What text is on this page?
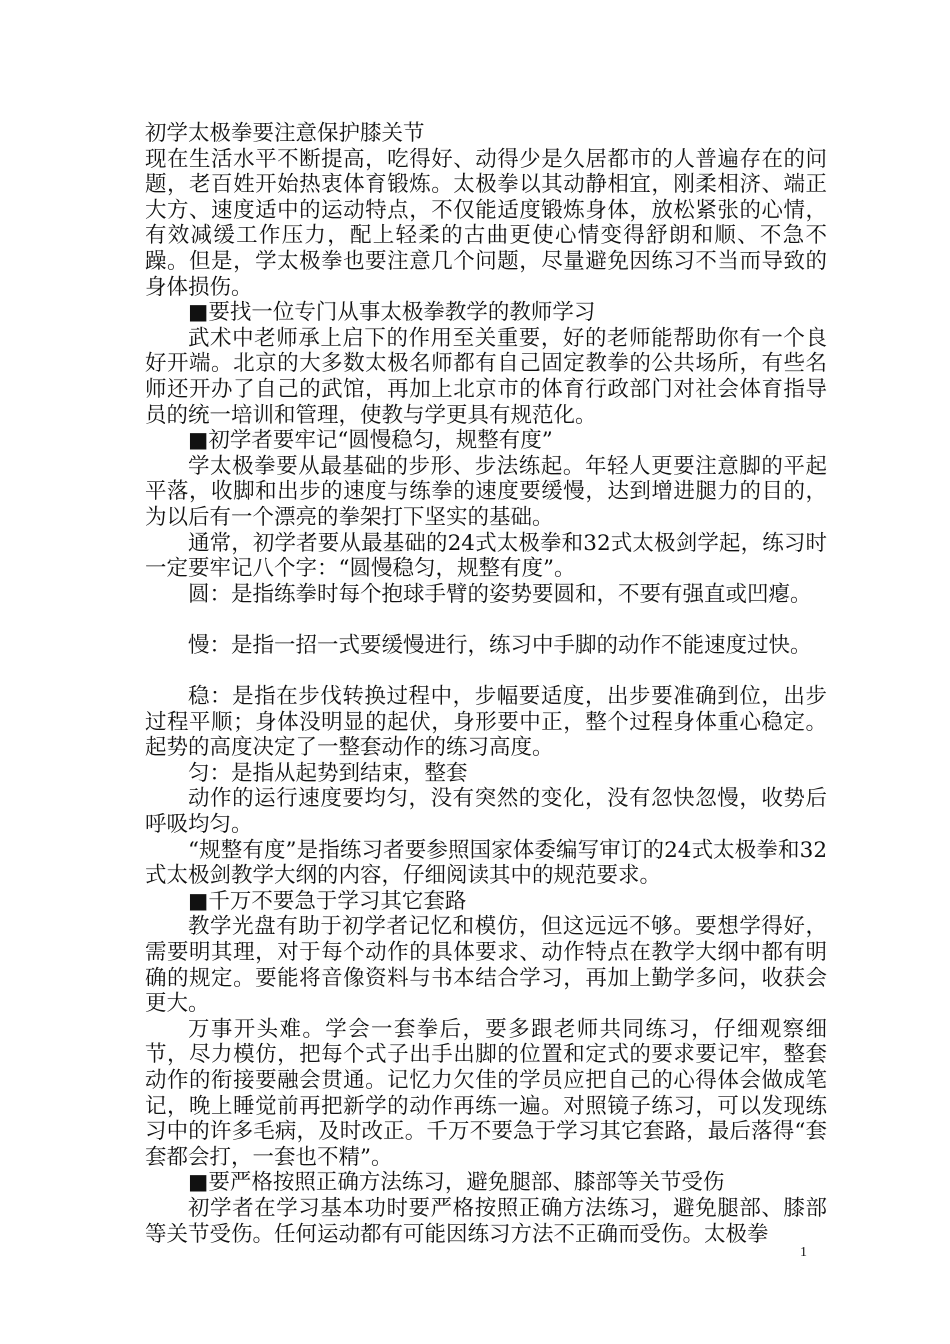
初学太极拳要注意保护膝关节

现在生活水平不断提高，吃得好、动得少是久居都市的人普遍存在的问题，老百姓开始热衷体育锻炼。太极拳以其动静相宜，刚柔相济、端正大方、速度适中的运动特点，不仅能适度锻炼身体，放松紧张的心情，有效减缓工作压力，配上轻柔的古曲更使心情变得舒朗和顺、不急不躁。但是，学太极拳也要注意几个问题，尽量避免因练习不当而导致的身体损伤。

■要找一位专门从事太极拳教学的教师学习

武术中老师承上启下的作用至关重要，好的老师能帮助你有一个良好开端。北京的大多数太极名师都有自己固定教拳的公共场所，有些名师还开办了自己的武馆，再加上北京市的体育行政部门对社会体育指导员的统一培训和管理，使教与学更具有规范化。

■初学者要牢记“圆慢稳匀，规整有度”

学太极拳要从最基础的步形、步法练起。年轻人更要注意脚的平起平落，收脚和出步的速度与练拳的速度要缓慢，达到增进腿力的目的，为以后有一个漂亮的拳架打下坚实的基础。

通常，初学者要从最基础的24式太极拳和32式太极剑学起，练习时一定要牢记八个字：“圆慢稳匀，规整有度”。

圆：是指练拳时每个抱球手臂的姿势要圆和，不要有强直或凹瘪。

慢：是指一招一式要缓慢进行，练习中手脚的动作不能速度过快。

稳：是指在步伐转换过程中，步幅要适度，出步要准确到位，出步过程平顺；身体没明显的起伏，身形要中正，整个过程身体重心稳定。起势的高度决定了一整套动作的练习高度。

匀：是指从起势到结束，整套

动作的运行速度要均匀，没有突然的变化，没有忽快忽慢，收势后呼吸均匀。

“规整有度”是指练习者要参照国家体委编写审订的24式太极拳和32式太极剑教学大纲的内容，仔细阅读其中的规范要求。

■千万不要急于学习其它套路

教学光盘有助于初学者记忆和模仿，但这远远不够。要想学得好，需要明其理，对于每个动作的具体要求、动作特点在教学大纲中都有明确的规定。要能将音像资料与书本结合学习，再加上勤学多问，收获会更大。

万事开头难。学会一套拳后，要多跟老师共同练习，仔细观察细节，尽力模仿，把每个式子出手出脚的位置和定式的要求要记牢，整套动作的衔接要融会贯通。记忆力欠佳的学员应把自己的心得体会做成笔记，晚上睡觉前再把新学的动作再练一遍。对照镜子练习，可以发现练习中的许多毛病，及时改正。千万不要急于学习其它套路，最后落得“套套都会打，一套也不精”。

■要严格按照正确方法练习，避免腿部、膝部等关节受伤

初学者在学习基本功时要严格按照正确方法练习，避免腿部、膝部等关节受伤。任何运动都有可能因练习方法不正确而受伤。太极拳

1
